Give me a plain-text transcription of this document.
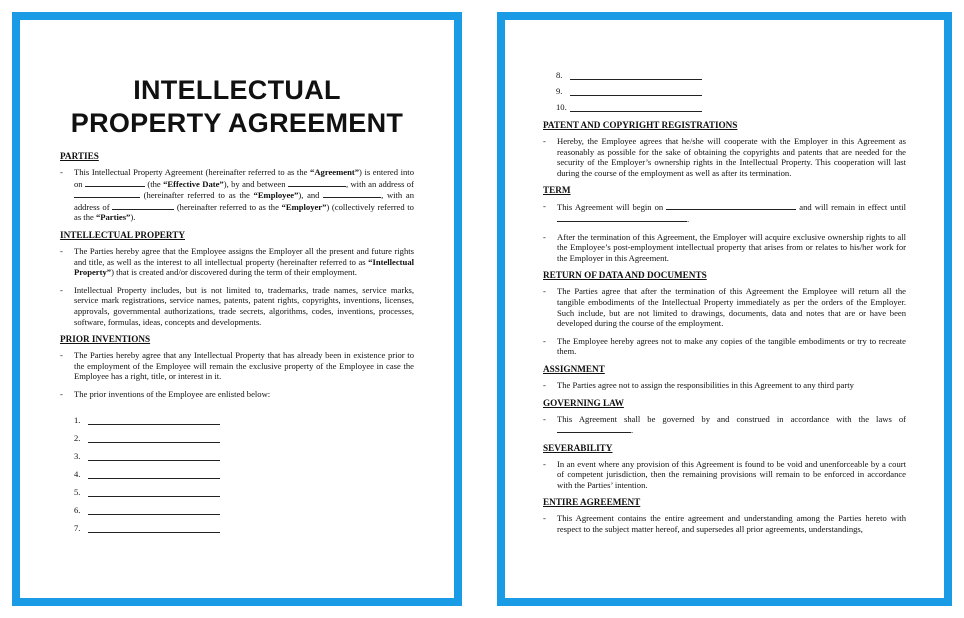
INTELLECTUAL
PROPERTY AGREEMENT
PARTIES
- This Intellectual Property Agreement (hereinafter referred to as the “Agreement”) is entered into on	(the “Effective Date”), by and between	, with an address of  (hereinafter referred to as the “Employee”), and	, with an address of	(hereinafter referred to as the “Employer”) (collectively referred to as the “Parties”).
INTELLECTUAL PROPERTY
- The Parties hereby agree that the Employee assigns the Employer all the present and future rights and title, as well as the interest to all intellectual property (hereinafter referred to as “Intellectual Property”) that is created and/or discovered during the term of their employment.
- Intellectual Property includes, but is not limited to, trademarks, trade names, service marks, service mark registrations, service names, patents, patent rights, copyrights, inventions, licenses, approvals, governmental authorizations, trade secrets, algorithms, codes, inventions, processes, software, formulas, ideas, concepts and developments.
PRIOR INVENTIONS
- The Parties hereby agree that any Intellectual Property that has already been in existence prior to the employment of the Employee will remain the exclusive property of the Employee in case the Employee has a right, title, or interest in it.
- The prior inventions of the Employee are enlisted below:
1.
2.
3.
4.
5.
6.
7.
8.
9.
10.
PATENT AND COPYRIGHT REGISTRATIONS
- Hereby, the Employee agrees that he/she will cooperate with the Employer in this Agreement as reasonably as possible for the sake of obtaining the copyrights and patents that are needed for the security of the Employer’s ownership rights in the Intellectual Property. This cooperation will last during the course of the employment as well as after its termination.
TERM
- This Agreement will begin on	and will remain in effect until .
- After the termination of this Agreement, the Employer will acquire exclusive ownership rights to all the Employee’s post-employment intellectual property that arises from or relates to his/her work for the Employer in this Agreement.
RETURN OF DATA AND DOCUMENTS
- The Parties agree that after the termination of this Agreement the Employee will return all the tangible embodiments of the Intellectual Property immediately as per the orders of the Employer. Such include, but are not limited to drawings, documents, data and notes that are or have been developed during the course of the employment.
- The Employee hereby agrees not to make any copies of the tangible embodiments or try to recreate them.
ASSIGNMENT
- The Parties agree not to assign the responsibilities in this Agreement to any third party
GOVERNING LAW
- This Agreement shall be governed by and construed in accordance with the laws of .
SEVERABILITY
- In an event where any provision of this Agreement is found to be void and unenforceable by a court of competent jurisdiction, then the remaining provisions will remain to be enforced in accordance with the Parties’ intention.
ENTIRE AGREEMENT
- This Agreement contains the entire agreement and understanding among the Parties hereto with respect to the subject matter hereof, and supersedes all prior agreements, understandings,
